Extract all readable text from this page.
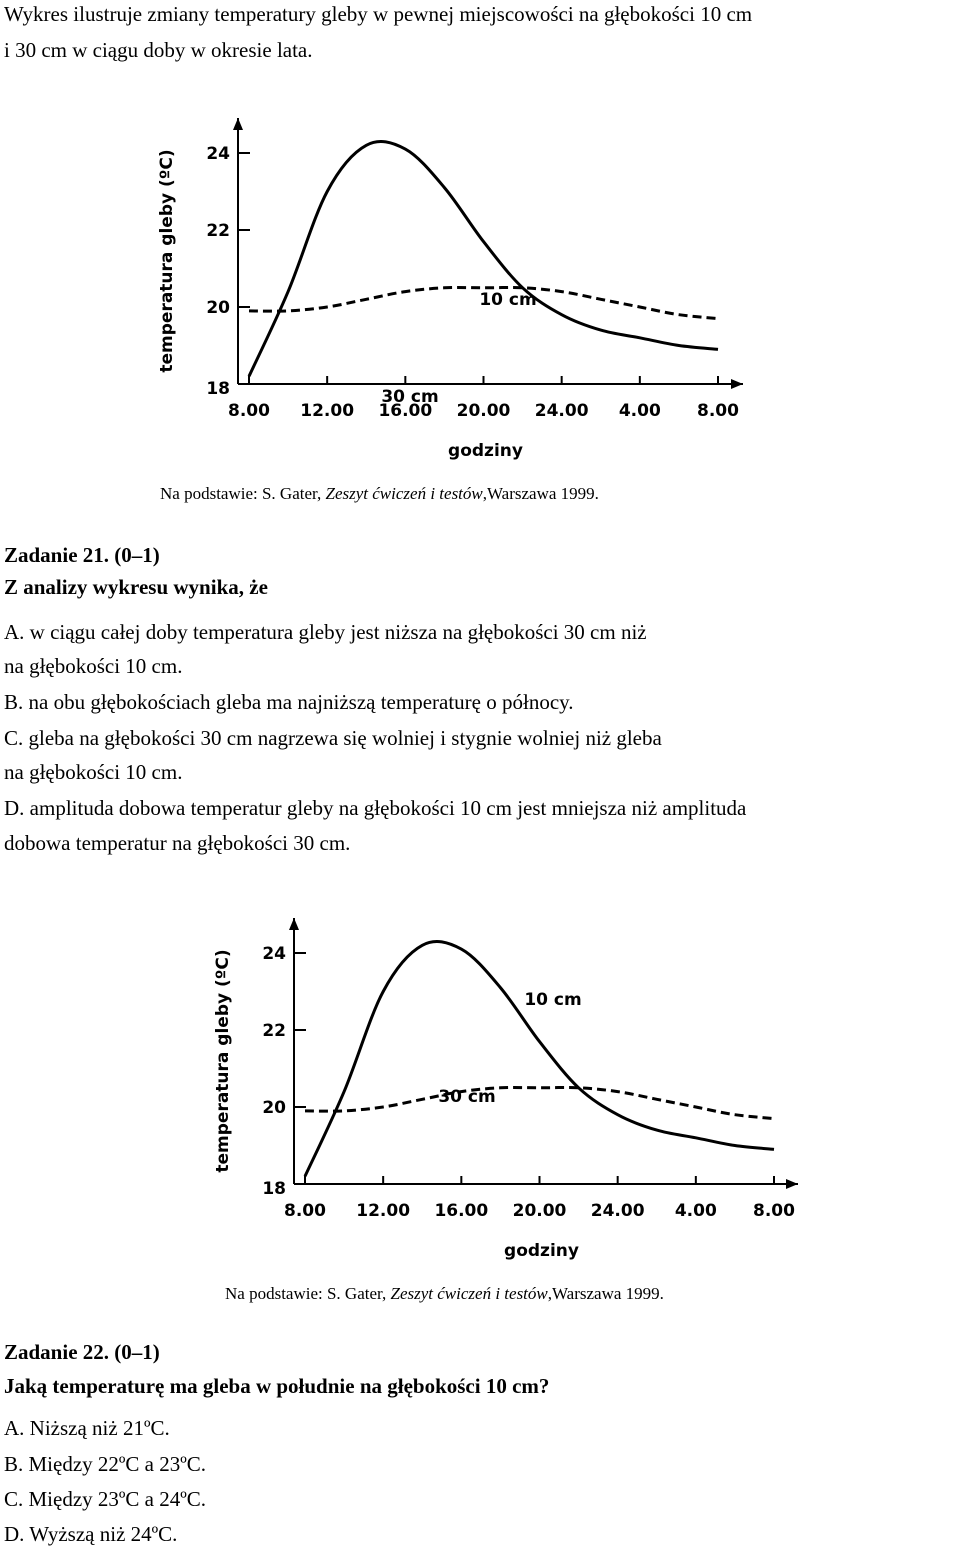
Wykres ilustruje zmiany temperatury gleby w pewnej miejscowości na głębokości 10 cm
i 30 cm w ciągu doby w okresie lata.
18
20
22
24
8.00 12.00 16.00 20.00 24.00 4.00 8.00
godziny
temperatura gleby (ºC)	10 cm
30 cm
Na podstawie: S. Gater, Zeszyt ćwiczeń i testów,Warszawa 1999.
Zadanie 21. (0–1)
Z analizy wykresu wynika, że
A. w ciągu całej doby temperatura gleby jest niższa na głębokości 30 cm niż
na głębokości 10 cm.
B. na obu głębokościach gleba ma najniższą temperaturę o północy.
C. gleba na głębokości 30 cm nagrzewa się wolniej i stygnie wolniej niż gleba
na głębokości 10 cm.
D. amplituda dobowa temperatur gleby na głębokości 10 cm jest mniejsza niż amplituda
dobowa temperatur na głębokości 30 cm.
18
20
22
24
8.00 12.00 16.00 20.00 24.00 4.00 8.00
godziny
temperatura gleby (ºC)	10 cm
30 cm
Na podstawie: S. Gater, Zeszyt ćwiczeń i testów,Warszawa 1999.
Zadanie 22. (0–1)
Jaką temperaturę ma gleba w południe na głębokości 10 cm?
A. Niższą niż 21ºC.
B. Między 22ºC a 23ºC.
C. Między 23ºC a 24ºC.
D. Wyższą niż 24ºC.
